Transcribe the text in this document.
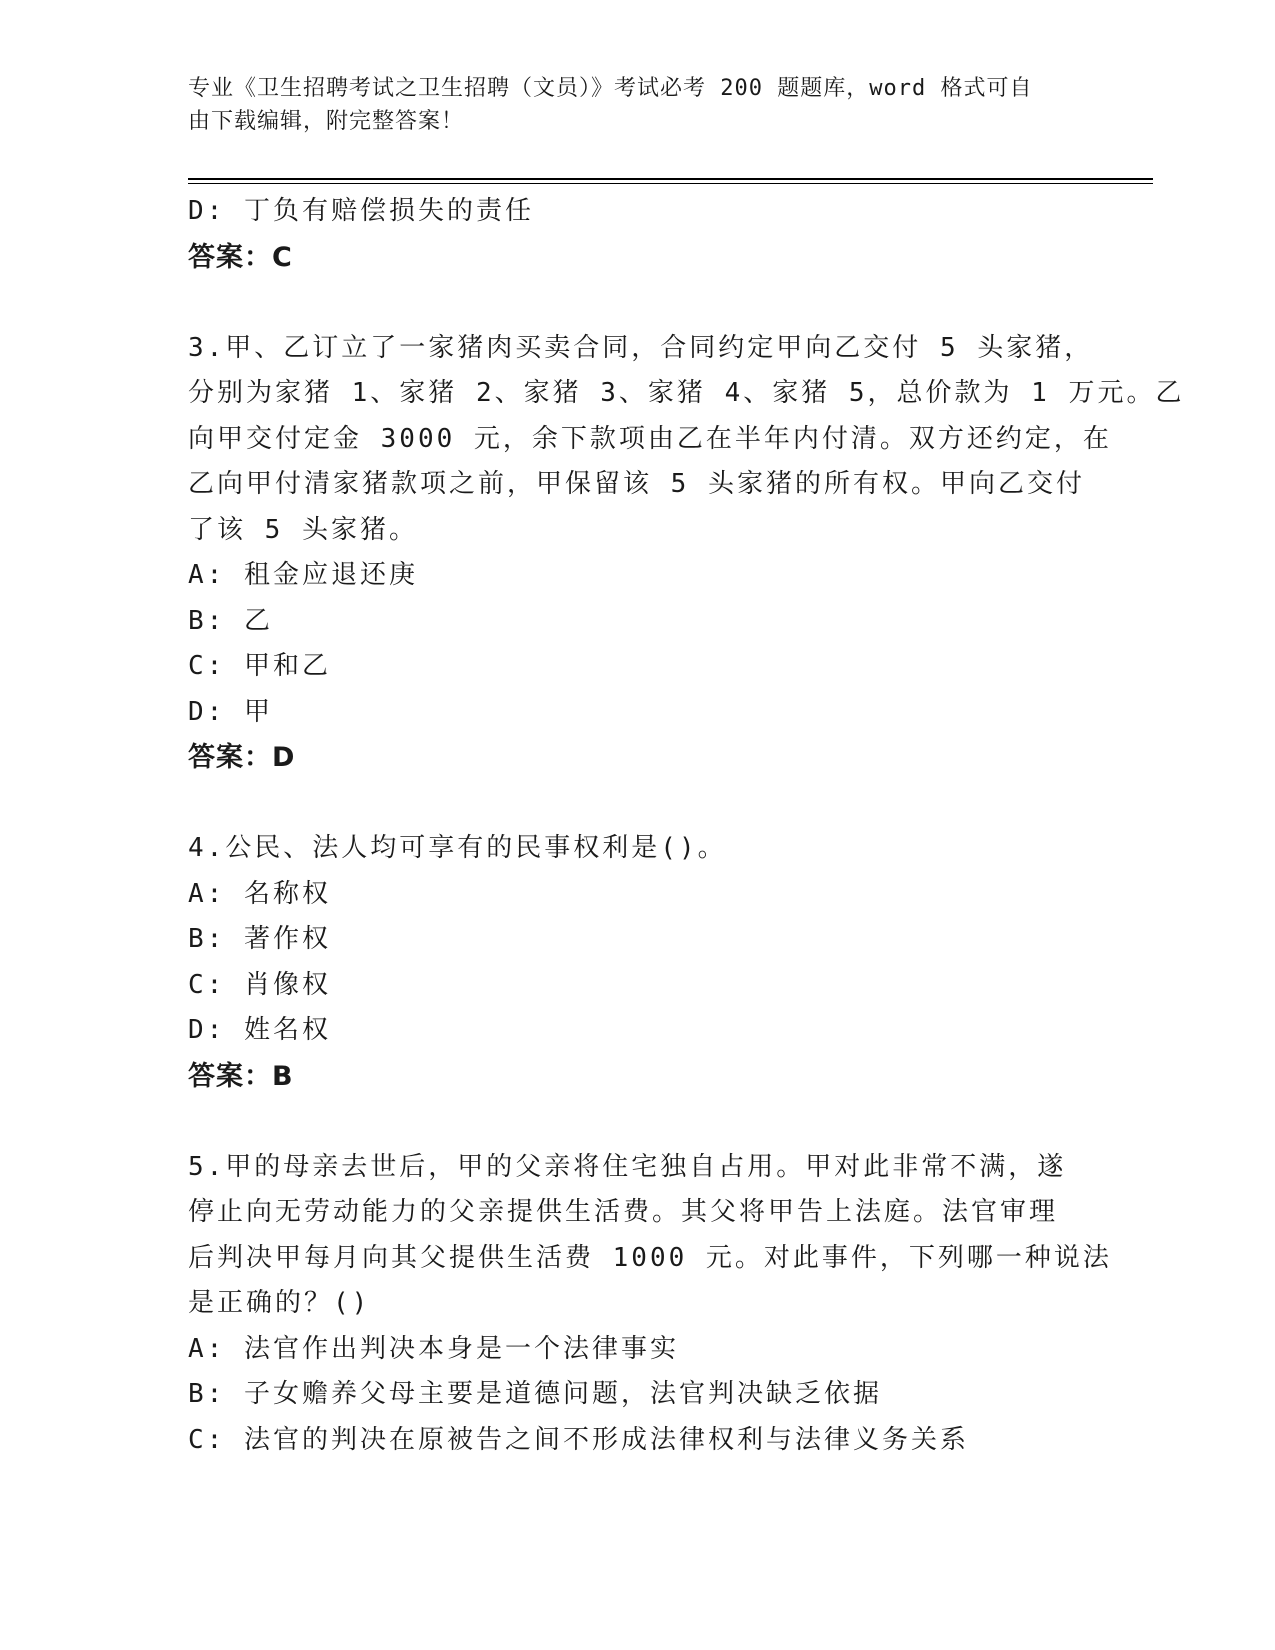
专业《卫生招聘考试之卫生招聘（文员）》考试必考 200 题题库，word 格式可自
由下载编辑，附完整答案！
D: 丁负有赔偿损失的责任
答案：C
3.甲、乙订立了一家猪肉买卖合同，合同约定甲向乙交付 5 头家猪，
分别为家猪 1、家猪 2、家猪 3、家猪 4、家猪 5，总价款为 1 万元。乙
向甲交付定金 3000 元，余下款项由乙在半年内付清。双方还约定，在
乙向甲付清家猪款项之前，甲保留该 5 头家猪的所有权。甲向乙交付
了该 5 头家猪。
A: 租金应退还庚
B: 乙
C: 甲和乙
D: 甲
答案：D
4.公民、法人均可享有的民事权利是()。
A: 名称权
B: 著作权
C: 肖像权
D: 姓名权
答案：B
5.甲的母亲去世后，甲的父亲将住宅独自占用。甲对此非常不满，遂
停止向无劳动能力的父亲提供生活费。其父将甲告上法庭。法官审理
后判决甲每月向其父提供生活费 1000 元。对此事件，下列哪一种说法
是正确的？()
A: 法官作出判决本身是一个法律事实
B: 子女赡养父母主要是道德问题，法官判决缺乏依据
C: 法官的判决在原被告之间不形成法律权利与法律义务关系
